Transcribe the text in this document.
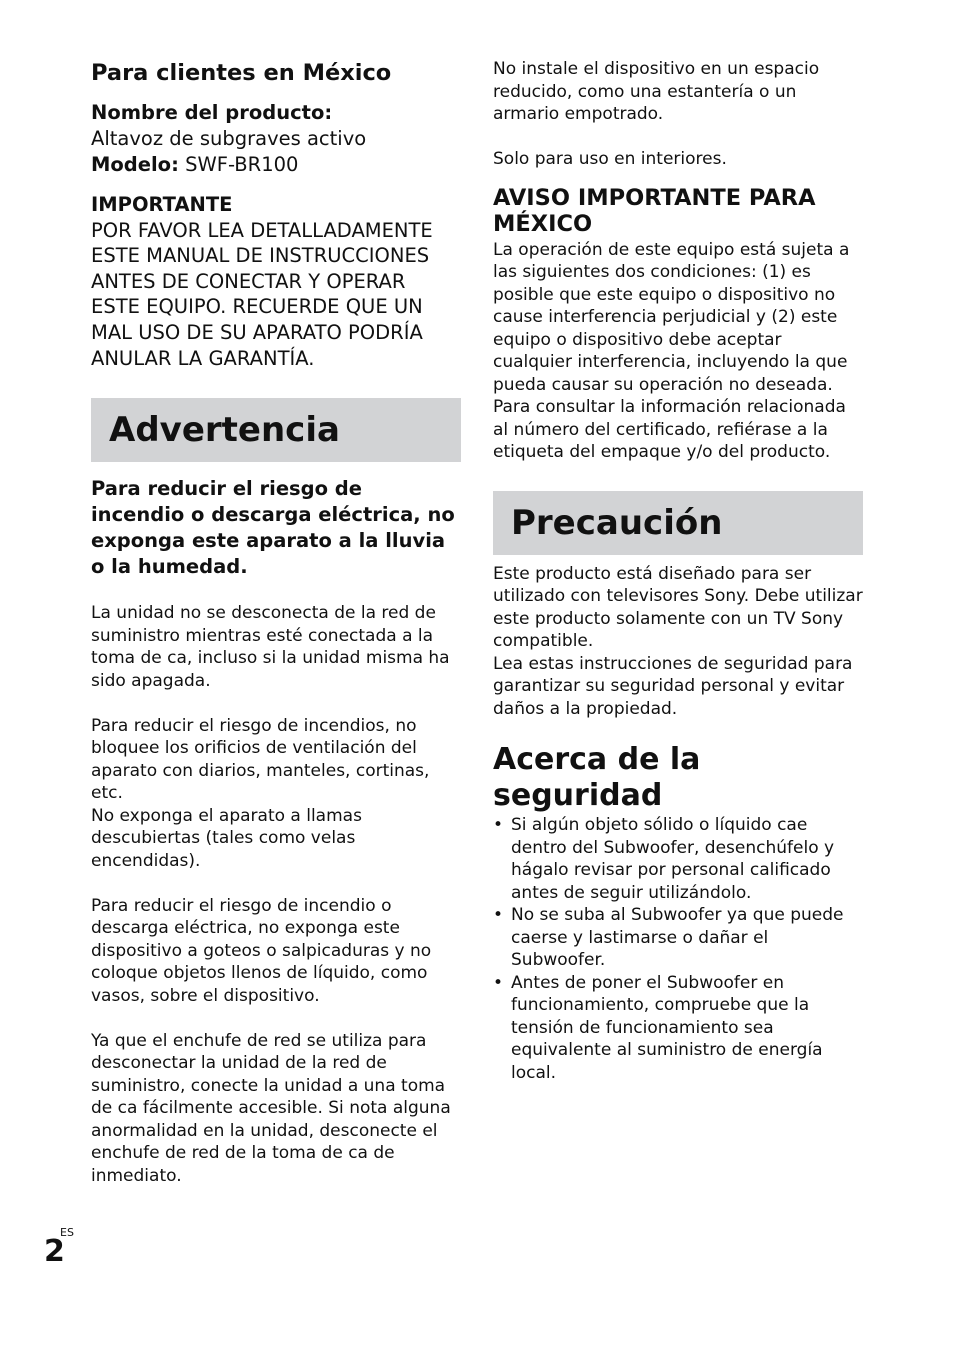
Para clientes en México
Nombre del producto:
Altavoz de subgraves activo
Modelo: SWF-BR100
IMPORTANTE
POR FAVOR LEA DETALLADAMENTE
ESTE MANUAL DE INSTRUCCIONES
ANTES DE CONECTAR Y OPERAR
ESTE EQUIPO. RECUERDE QUE UN
MAL USO DE SU APARATO PODRÍA
ANULAR LA GARANTÍA.
Advertencia
Para reducir el riesgo de incendio o descarga eléctrica, no exponga este aparato a la lluvia o la humedad.

La unidad no se desconecta de la red de suministro mientras esté conectada a la toma de ca, incluso si la unidad misma ha sido apagada.

Para reducir el riesgo de incendios, no bloquee los orificios de ventilación del aparato con diarios, manteles, cortinas, etc.

No exponga el aparato a llamas descubiertas (tales como velas encendidas).

Para reducir el riesgo de incendio o descarga eléctrica, no exponga este dispositivo a goteos o salpicaduras y no coloque objetos llenos de líquido, como vasos, sobre el dispositivo.

Ya que el enchufe de red se utiliza para desconectar la unidad de la red de suministro, conecte la unidad a una toma de ca fácilmente accesible. Si nota alguna anormalidad en la unidad, desconecte el enchufe de red de la toma de ca de inmediato.

No instale el dispositivo en un espacio reducido, como una estantería o un armario empotrado.

Solo para uso en interiores.

AVISO IMPORTANTE PARA MÉXICO

La operación de este equipo está sujeta a las siguientes dos condiciones: (1) es posible que este equipo o dispositivo no cause interferencia perjudicial y (2) este equipo o dispositivo debe aceptar cualquier interferencia, incluyendo la que pueda causar su operación no deseada.

Para consultar la información relacionada al número del certificado, refiérase a la etiqueta del empaque y/o del producto.

Precaución

Este producto está diseñado para ser utilizado con televisores Sony. Debe utilizar este producto solamente con un TV Sony compatible.

Lea estas instrucciones de seguridad para garantizar su seguridad personal y evitar daños a la propiedad.

Acerca de la seguridad
• Si algún objeto sólido o líquido cae dentro del Subwoofer, desenchúfelo y hágalo revisar por personal calificado antes de seguir utilizándolo.
• No se suba al Subwoofer ya que puede caerse y lastimarse o dañar el Subwoofer.
• Antes de poner el Subwoofer en funcionamiento, compruebe que la tensión de funcionamiento sea equivalente al suministro de energía local.
ES
2
